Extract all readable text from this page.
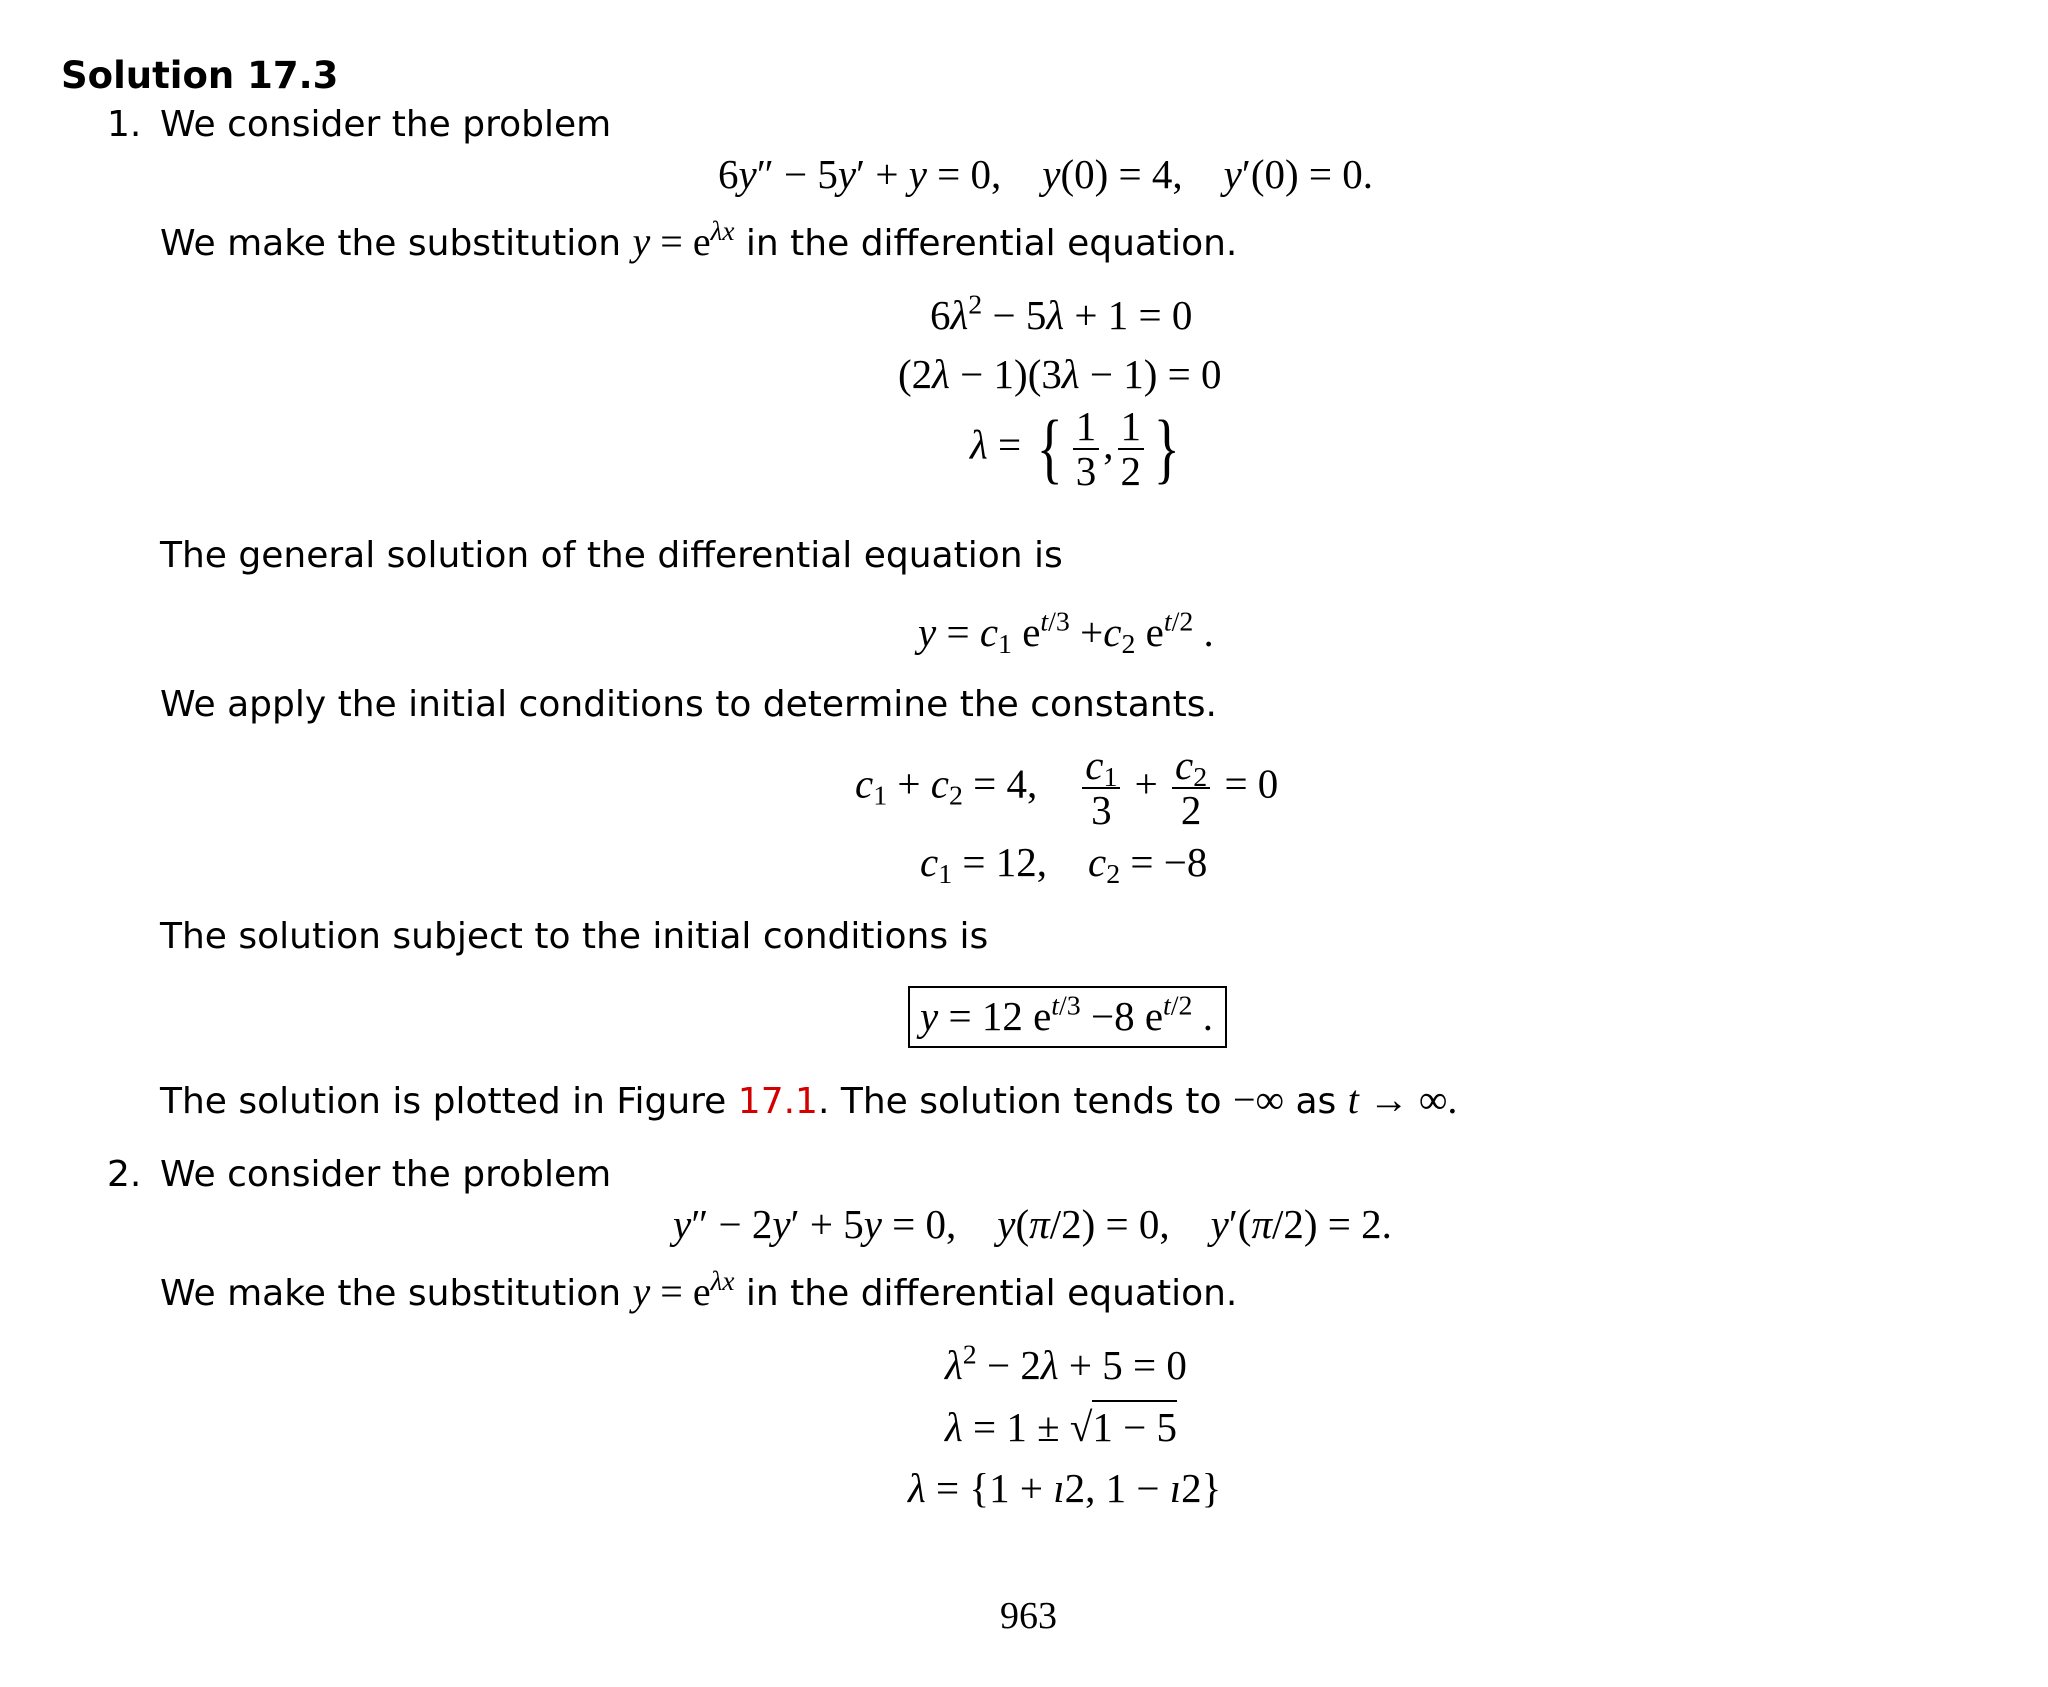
Solution 17.3
1. We consider the problem
6y″ − 5y′ + y = 0,    y(0) = 4,    y′(0) = 0.
We make the substitution $y = e^{\lambda x}$ in the differential equation.
$6\lambda^2 - 5\lambda + 1 = 0$
(2λ − 1)(3λ − 1) = 0
λ = { $\frac{1}{3}$ , $\frac{1}{2}$ }
The general solution of the differential equation is
$y = c_1$ $e^{t/3} +c_2$ $e^{t/2}$ .
We apply the initial conditions to determine the constants.
$c_1 + c_2 = 4$, $\frac{c_1}{3} + \frac{c_2}{2} = 0$
$c_1 = 12$,    $c_2 = -8$
The solution subject to the initial conditions is
y = 12 $e^{t/3} -8$ $e^{t/2}$ .
The solution is plotted in Figure 17.1. The solution tends to −∞ as t → ∞.
2. We consider the problem
y″ − 2y′ + 5y = 0,    y(π/2) = 0,    y′(π/2) = 2.
We make the substitution $y = e^{\lambda x}$ in the differential equation.
$\lambda^2 - 2\lambda + 5 = 0$
λ = 1 ± √1 − 5
λ = {1 + ı2, 1 − ı2}
963
